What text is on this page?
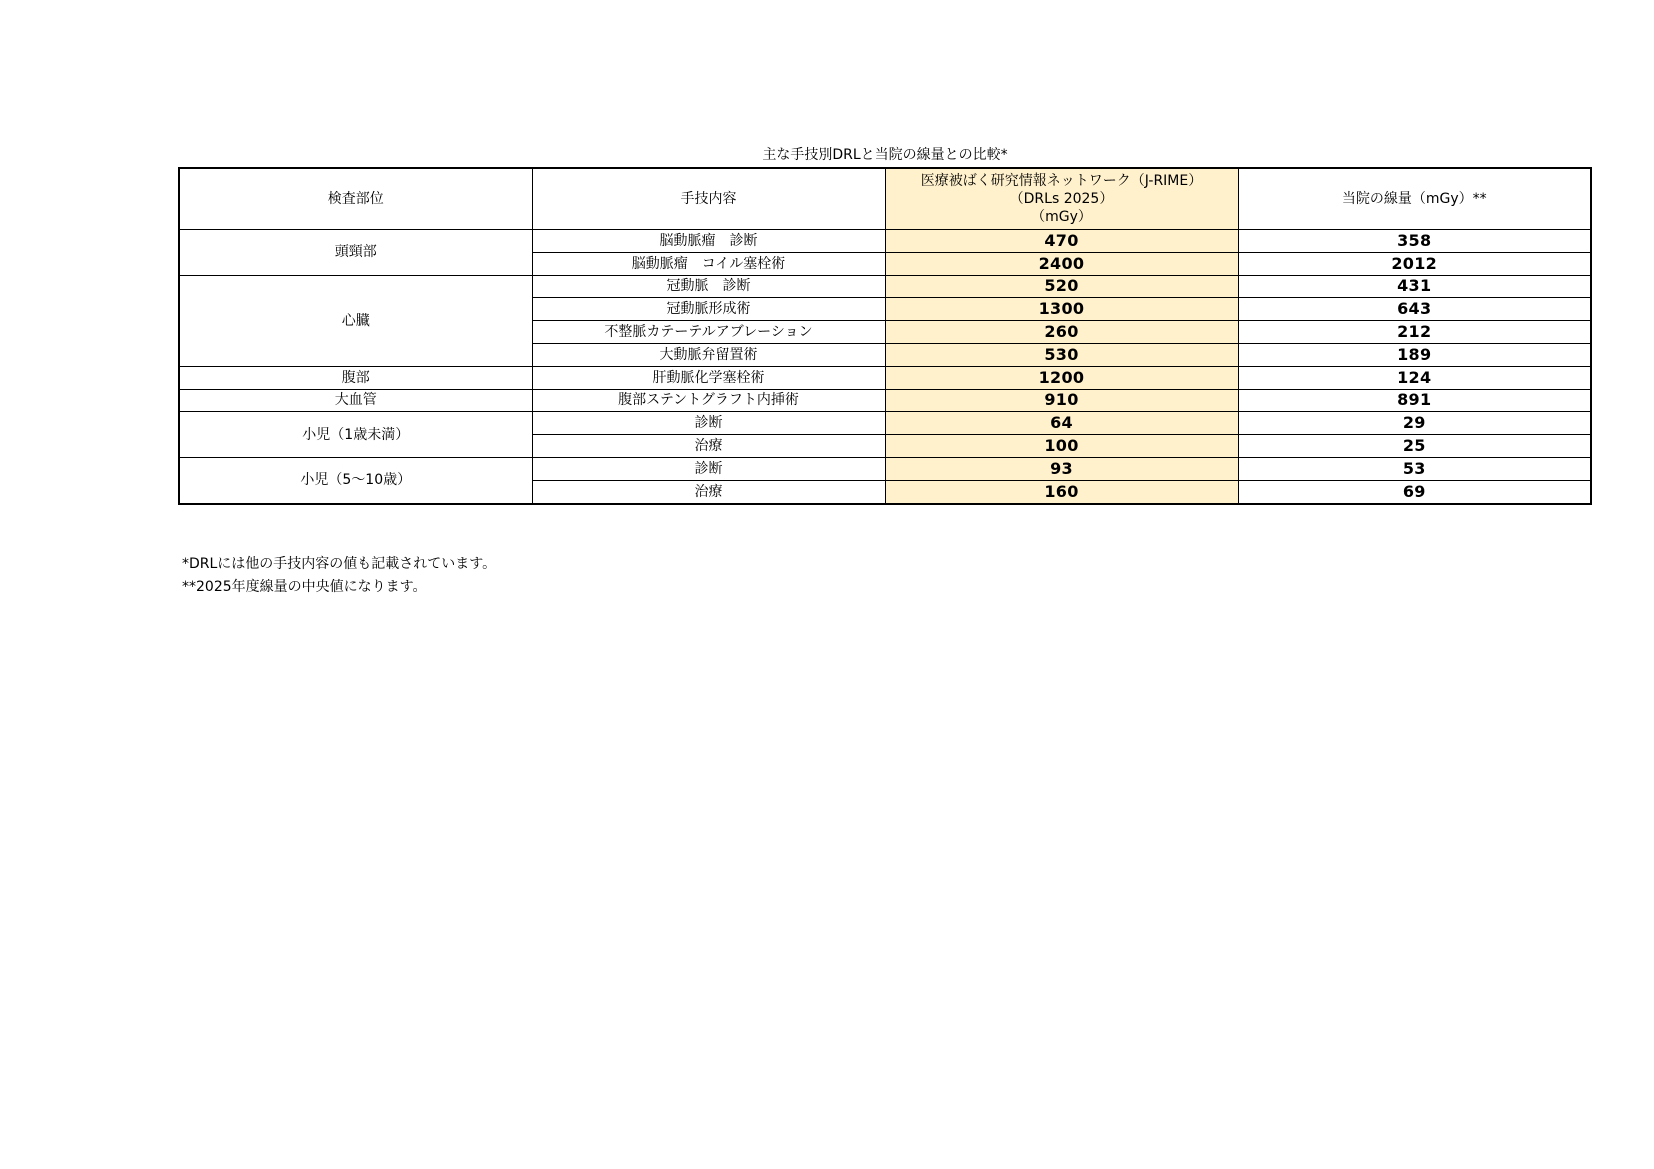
主な手技別DRLと当院の線量との比較*
検査部位	手技内容	医療被ばく研究情報ネットワーク（J-RIME）
（DRLs 2025）
（mGy）	当院の線量（mGy）**
頭頸部	脳動脈瘤　診断	470	358
	脳動脈瘤　コイル塞栓術	2400	2012
心臓	冠動脈　診断	520	431
	冠動脈形成術	1300	643
	不整脈カテーテルアブレーション	260	212
	大動脈弁留置術	530	189
腹部	肝動脈化学塞栓術	1200	124
大血管	腹部ステントグラフト内挿術	910	891
小児（1歳未満）	診断	64	29
	治療	100	25
小児（5～10歳）	診断	93	53
	治療	160	69
*DRLには他の手技内容の値も記載されています。
**2025年度線量の中央値になります。
